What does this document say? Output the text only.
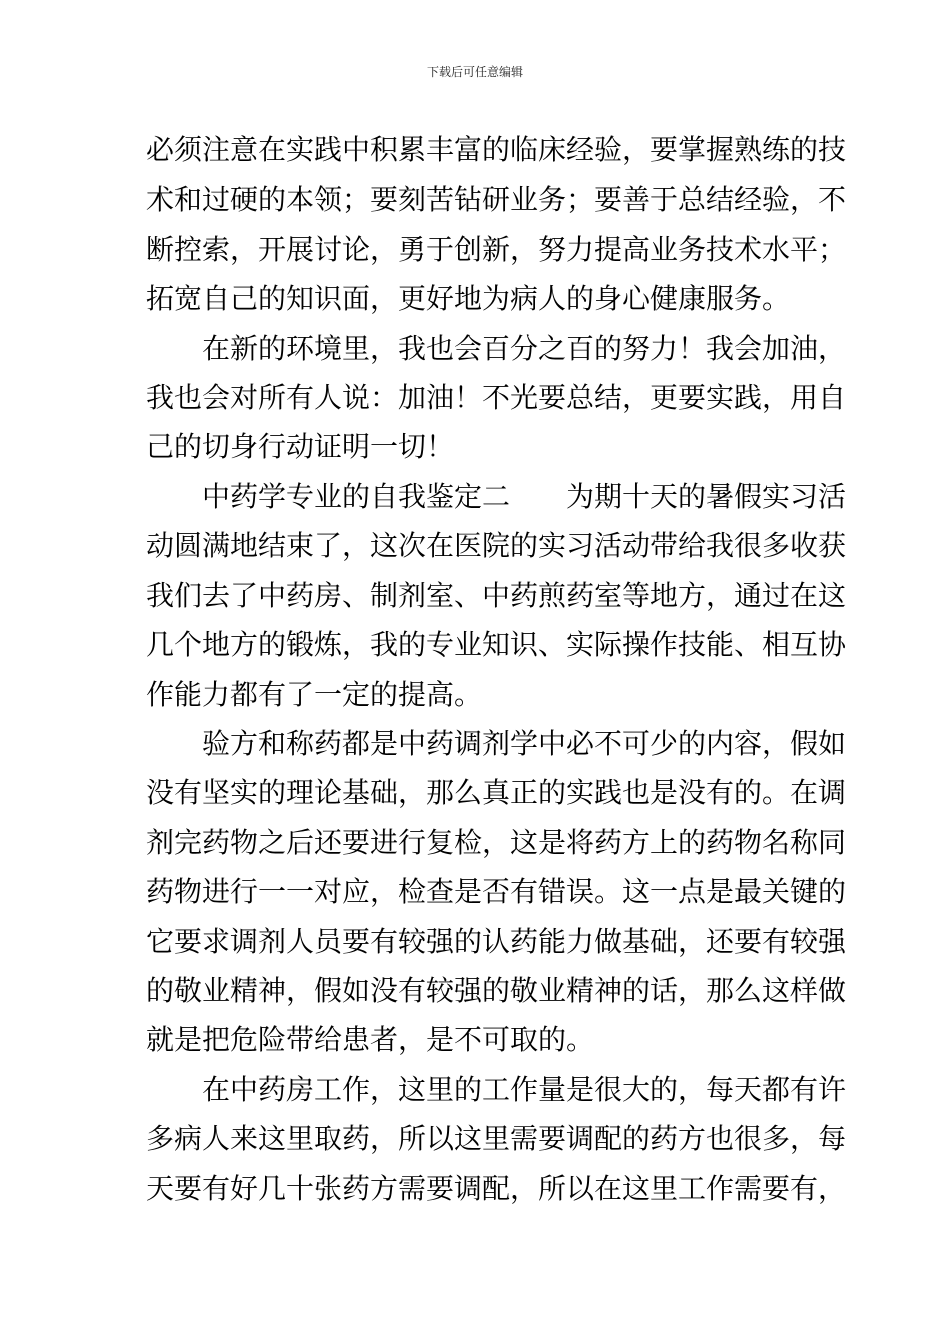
下载后可任意编辑
必须注意在实践中积累丰富的临床经验，要掌握熟练的技
术和过硬的本领；要刻苦钻研业务；要善于总结经验，不
断控索，开展讨论，勇于创新，努力提高业务技术水平；
拓宽自己的知识面，更好地为病人的身心健康服务。
在新的环境里，我也会百分之百的努力！我会加油，
我也会对所有人说：加油！不光要总结，更要实践，用自
己的切身行动证明一切！
中药学专业的自我鉴定二　　为期十天的暑假实习活
动圆满地结束了，这次在医院的实习活动带给我很多收获
我们去了中药房、制剂室、中药煎药室等地方，通过在这
几个地方的锻炼，我的专业知识、实际操作技能、相互协
作能力都有了一定的提高。
验方和称药都是中药调剂学中必不可少的内容，假如
没有坚实的理论基础，那么真正的实践也是没有的。在调
剂完药物之后还要进行复检，这是将药方上的药物名称同
药物进行一一对应，检查是否有错误。这一点是最关键的
它要求调剂人员要有较强的认药能力做基础，还要有较强
的敬业精神，假如没有较强的敬业精神的话，那么这样做
就是把危险带给患者，是不可取的。
在中药房工作，这里的工作量是很大的，每天都有许
多病人来这里取药，所以这里需要调配的药方也很多，每
天要有好几十张药方需要调配，所以在这里工作需要有，
